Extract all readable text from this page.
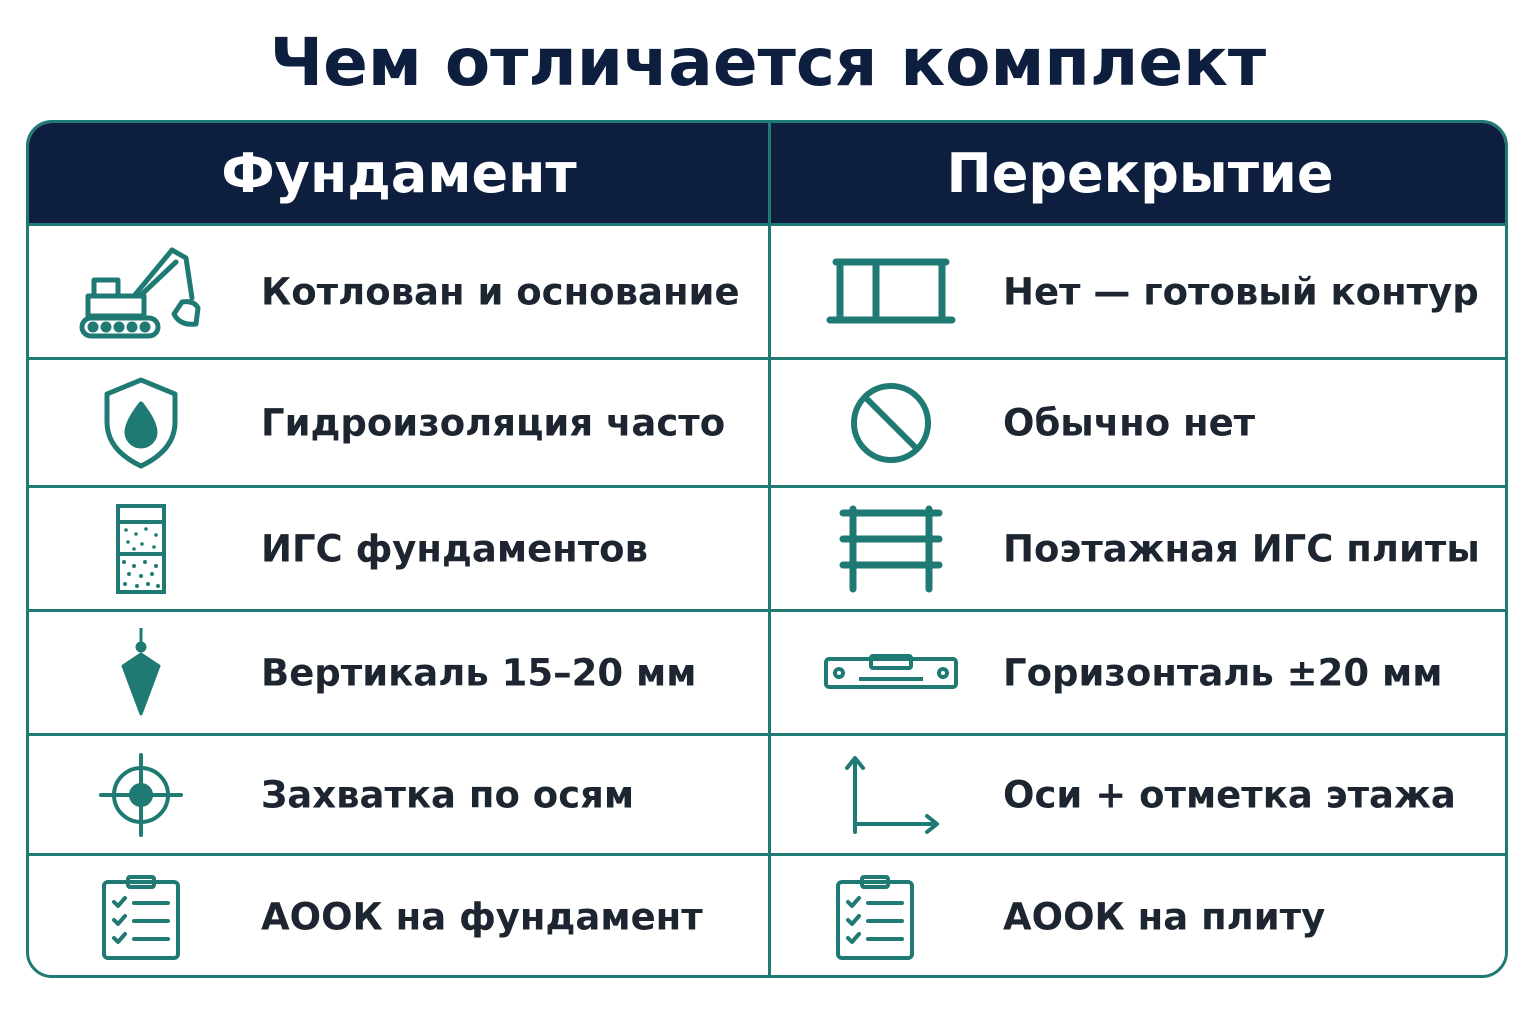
Чем отличается комплект
Фундамент	Перекрытие
Котлован и основание	Нет — готовый контур
Гидроизоляция часто	Обычно нет
ИГС фундаментов	Поэтажная ИГС плиты
Вертикаль 15–20 мм	Горизонталь ±20 мм
Захватка по осям	Оси + отметка этажа
АООК на фундамент	АООК на плиту
